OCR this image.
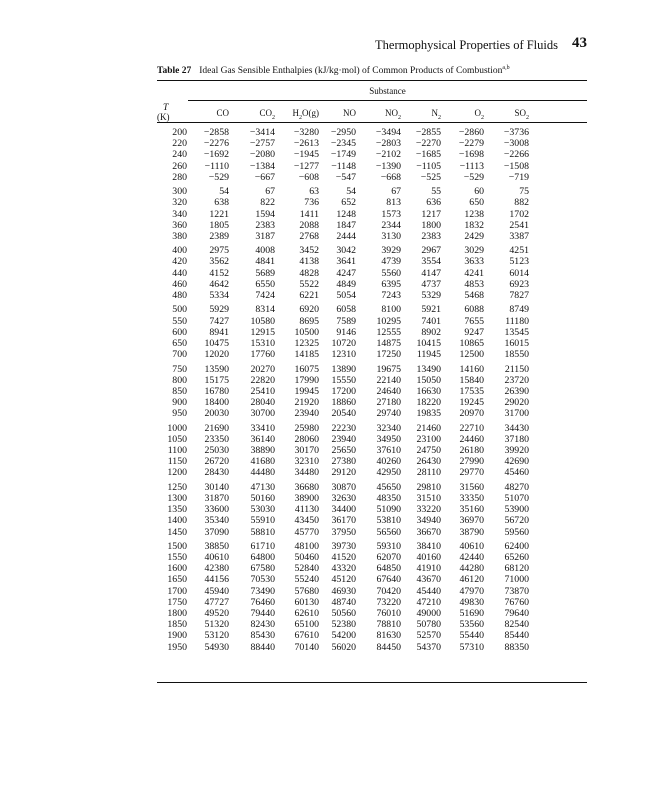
Thermophysical Properties of Fluids 43
Table 27 Ideal Gas Sensible Enthalpies (kJ/kg·mol) of Common Products of Combustion$^{a,b}$
Substance
T
(K)	CO	$CO_2$	$H_2O(g)$	NO	$NO_2$	$N_2$	$O_2$	$SO_2$
200	−2858	−3414	−3280	−2950	−3494	−2855	−2860	−3736
220	−2276	−2757	−2613	−2345	−2803	−2270	−2279	−3008
240	−1692	−2080	−1945	−1749	−2102	−1685	−1698	−2266
260	−1110	−1384	−1277	−1148	−1390	−1105	−1113	−1508
280	−529	−667	−608	−547	−668	−525	−529	−719
300	54	67	63	54	67	55	60	75
320	638	822	736	652	813	636	650	882
340	1221	1594	1411	1248	1573	1217	1238	1702
360	1805	2383	2088	1847	2344	1800	1832	2541
380	2389	3187	2768	2444	3130	2383	2429	3387
400	2975	4008	3452	3042	3929	2967	3029	4251
420	3562	4841	4138	3641	4739	3554	3633	5123
440	4152	5689	4828	4247	5560	4147	4241	6014
460	4642	6550	5522	4849	6395	4737	4853	6923
480	5334	7424	6221	5054	7243	5329	5468	7827
500	5929	8314	6920	6058	8100	5921	6088	8749
550	7427	10580	8695	7589	10295	7401	7655	11180
600	8941	12915	10500	9146	12555	8902	9247	13545
650	10475	15310	12325	10720	14875	10415	10865	16015
700	12020	17760	14185	12310	17250	11945	12500	18550
750	13590	20270	16075	13890	19675	13490	14160	21150
800	15175	22820	17990	15550	22140	15050	15840	23720
850	16780	25410	19945	17200	24640	16630	17535	26390
900	18400	28040	21920	18860	27180	18220	19245	29020
950	20030	30700	23940	20540	29740	19835	20970	31700
1000	21690	33410	25980	22230	32340	21460	22710	34430
1050	23350	36140	28060	23940	34950	23100	24460	37180
1100	25030	38890	30170	25650	37610	24750	26180	39920
1150	26720	41680	32310	27380	40260	26430	27990	42690
1200	28430	44480	34480	29120	42950	28110	29770	45460
1250	30140	47130	36680	30870	45650	29810	31560	48270
1300	31870	50160	38900	32630	48350	31510	33350	51070
1350	33600	53030	41130	34400	51090	33220	35160	53900
1400	35340	55910	43450	36170	53810	34940	36970	56720
1450	37090	58810	45770	37950	56560	36670	38790	59560
1500	38850	61710	48100	39730	59310	38410	40610	62400
1550	40610	64800	50460	41520	62070	40160	42440	65260
1600	42380	67580	52840	43320	64850	41910	44280	68120
1650	44156	70530	55240	45120	67640	43670	46120	71000
1700	45940	73490	57680	46930	70420	45440	47970	73870
1750	47727	76460	60130	48740	73220	47210	49830	76760
1800	49520	79440	62610	50560	76010	49000	51690	79640
1850	51320	82430	65100	52380	78810	50780	53560	82540
1900	53120	85430	67610	54200	81630	52570	55440	85440
1950	54930	88440	70140	56020	84450	54370	57310	88350
